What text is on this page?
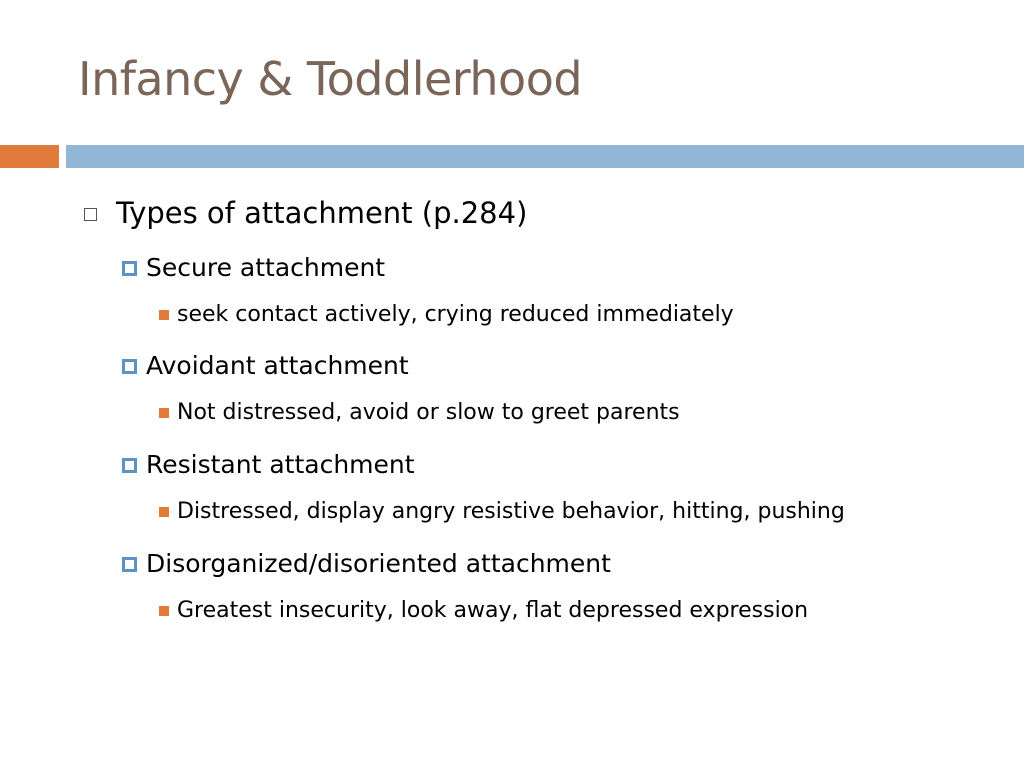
Infancy & Toddlerhood
Types of attachment (p.284)
Secure attachment
seek contact actively, crying reduced immediately
Avoidant attachment
Not distressed, avoid or slow to greet parents
Resistant attachment
Distressed, display angry resistive behavior, hitting, pushing
Disorganized/disoriented attachment
Greatest insecurity, look away, flat depressed expression
